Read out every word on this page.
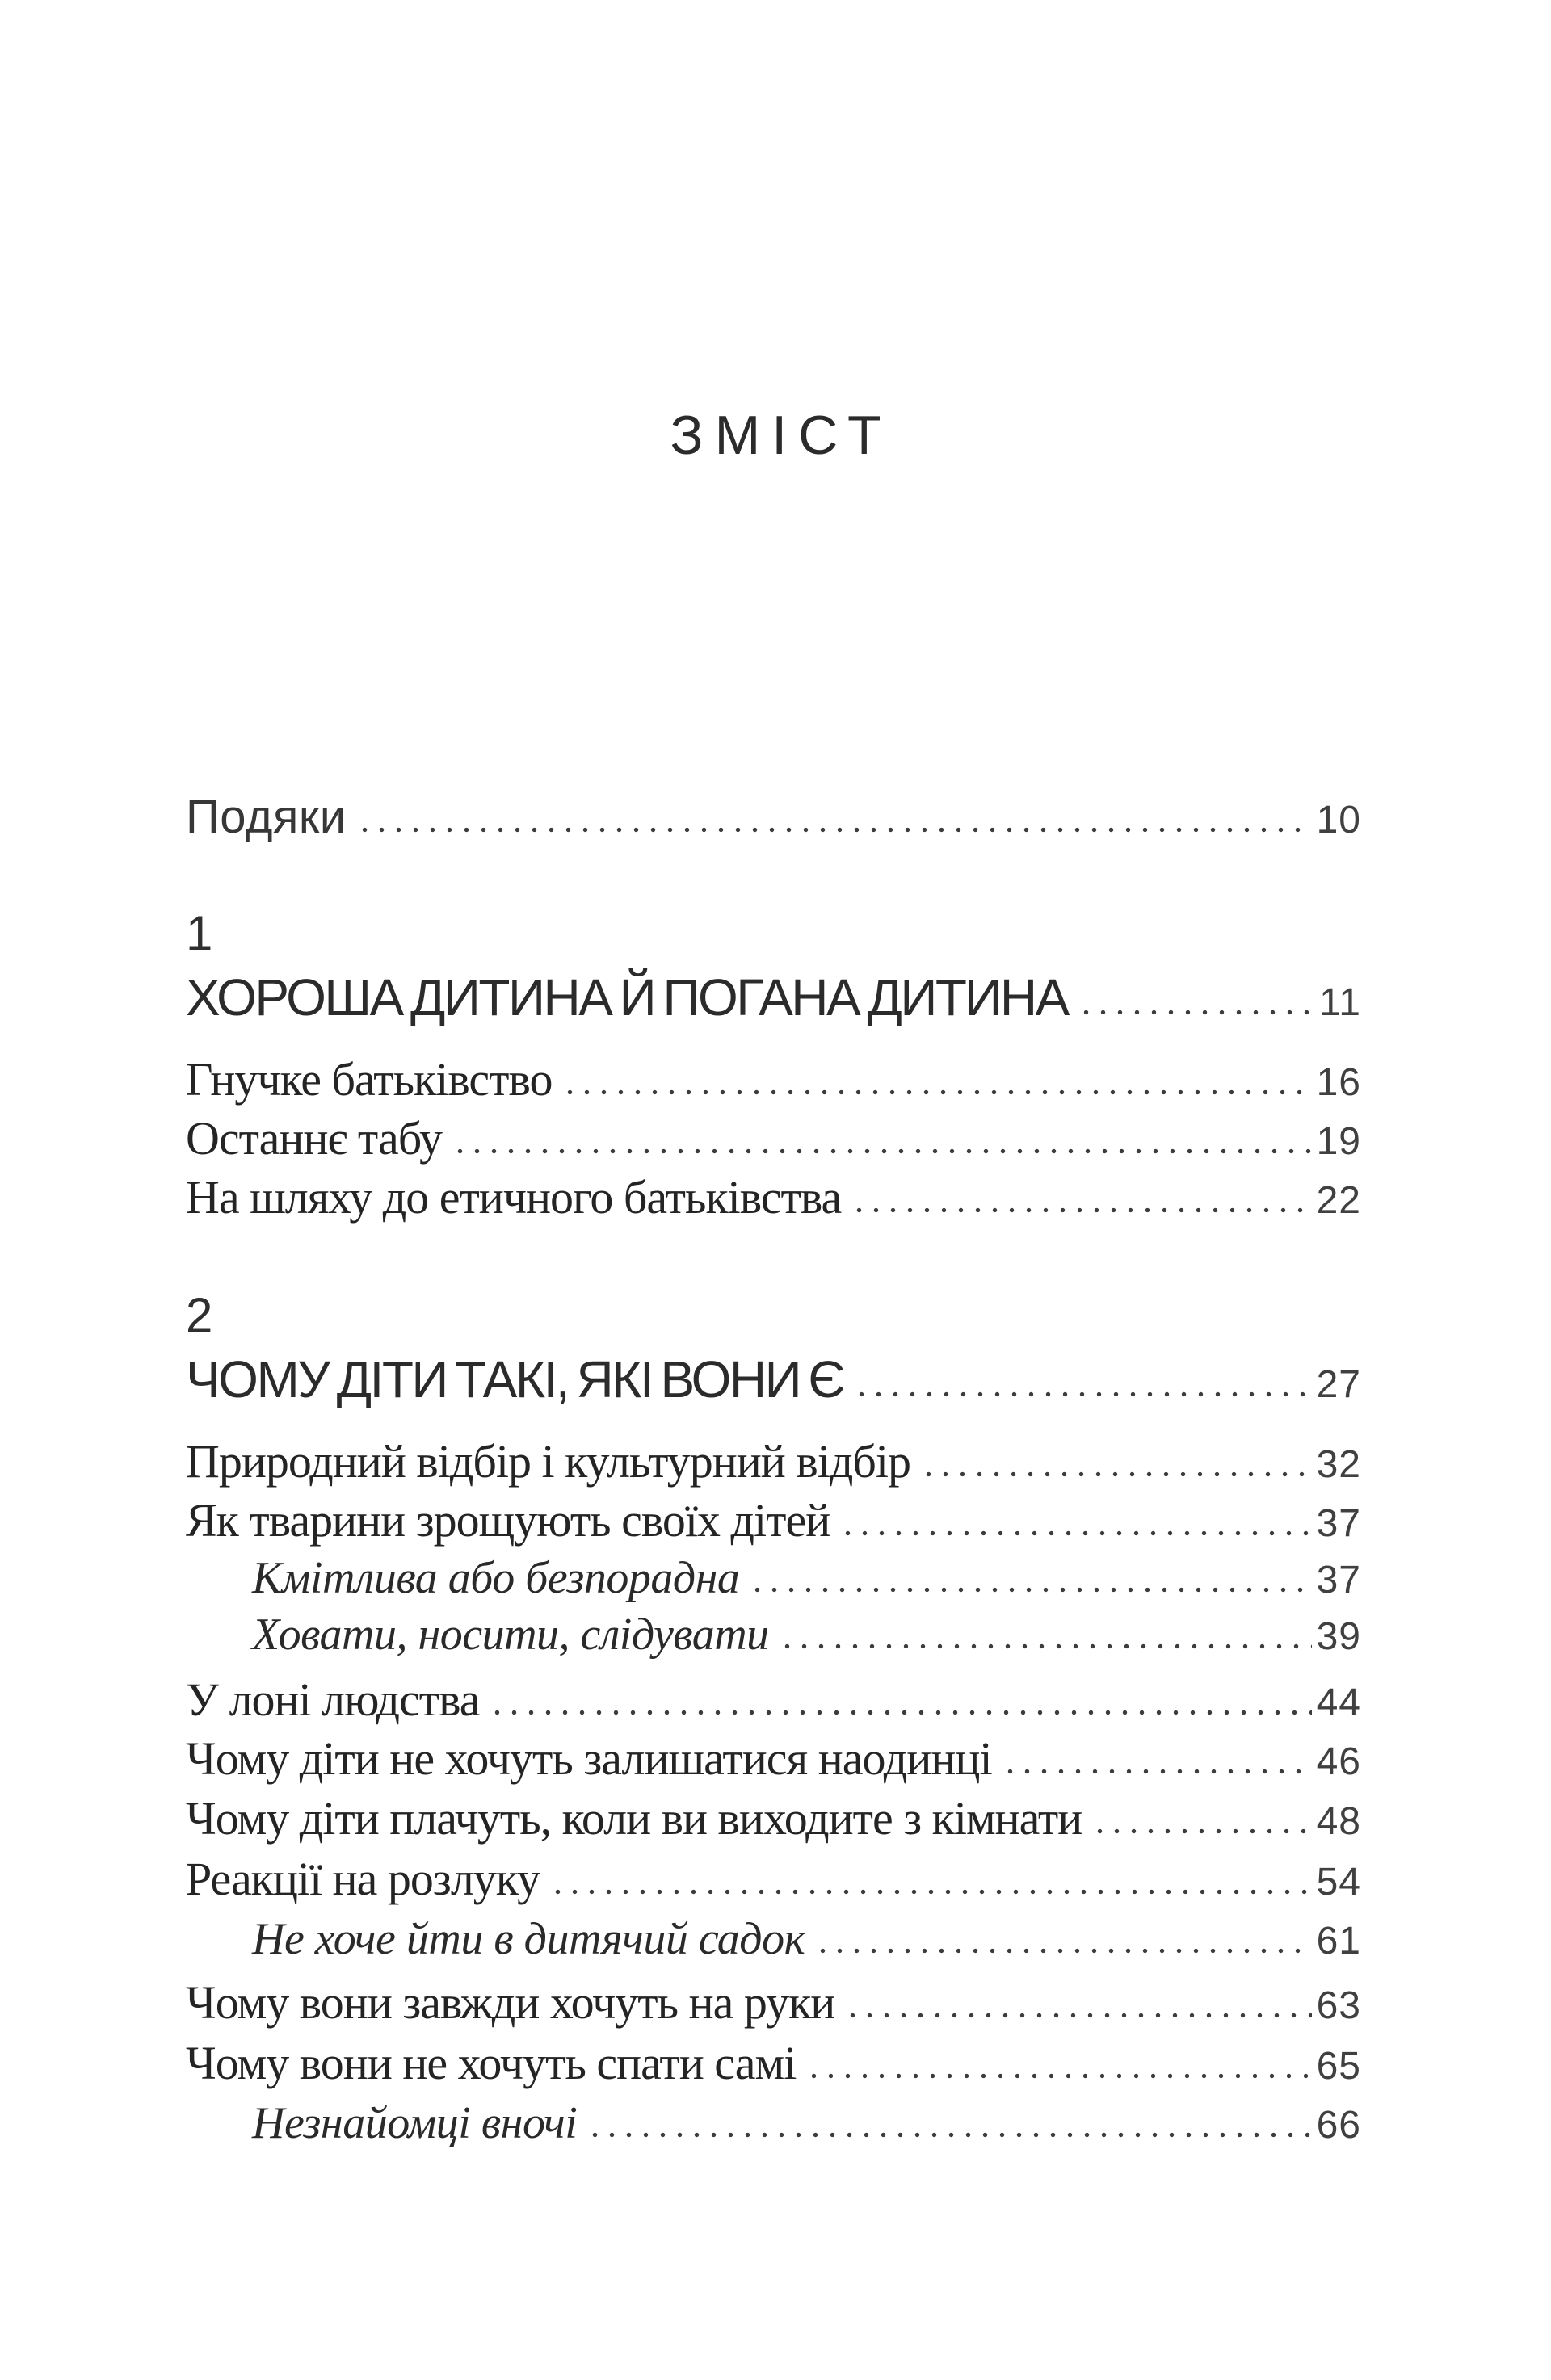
ЗМІСТ
Подяки	10
1
ХОРОША ДИТИНА Й ПОГАНА ДИТИНА	11
Гнучке батьківство	16
Останнє табу	19
На шляху до етичного батьківства	22
2
ЧОМУ ДІТИ ТАКІ, ЯКІ ВОНИ Є	27
Природний відбір і культурний відбір	32
Як тварини зрощують своїх дітей	37
Кмітлива або безпорадна	37
Ховати, носити, слідувати	39
У лоні людства	44
Чому діти не хочуть залишатися наодинці	46
Чому діти плачуть, коли ви виходите з кімнати	48
Реакції на розлуку	54
Не хоче йти в дитячий садок	61
Чому вони завжди хочуть на руки	63
Чому вони не хочуть спати самі	65
Незнайомці вночі	66
